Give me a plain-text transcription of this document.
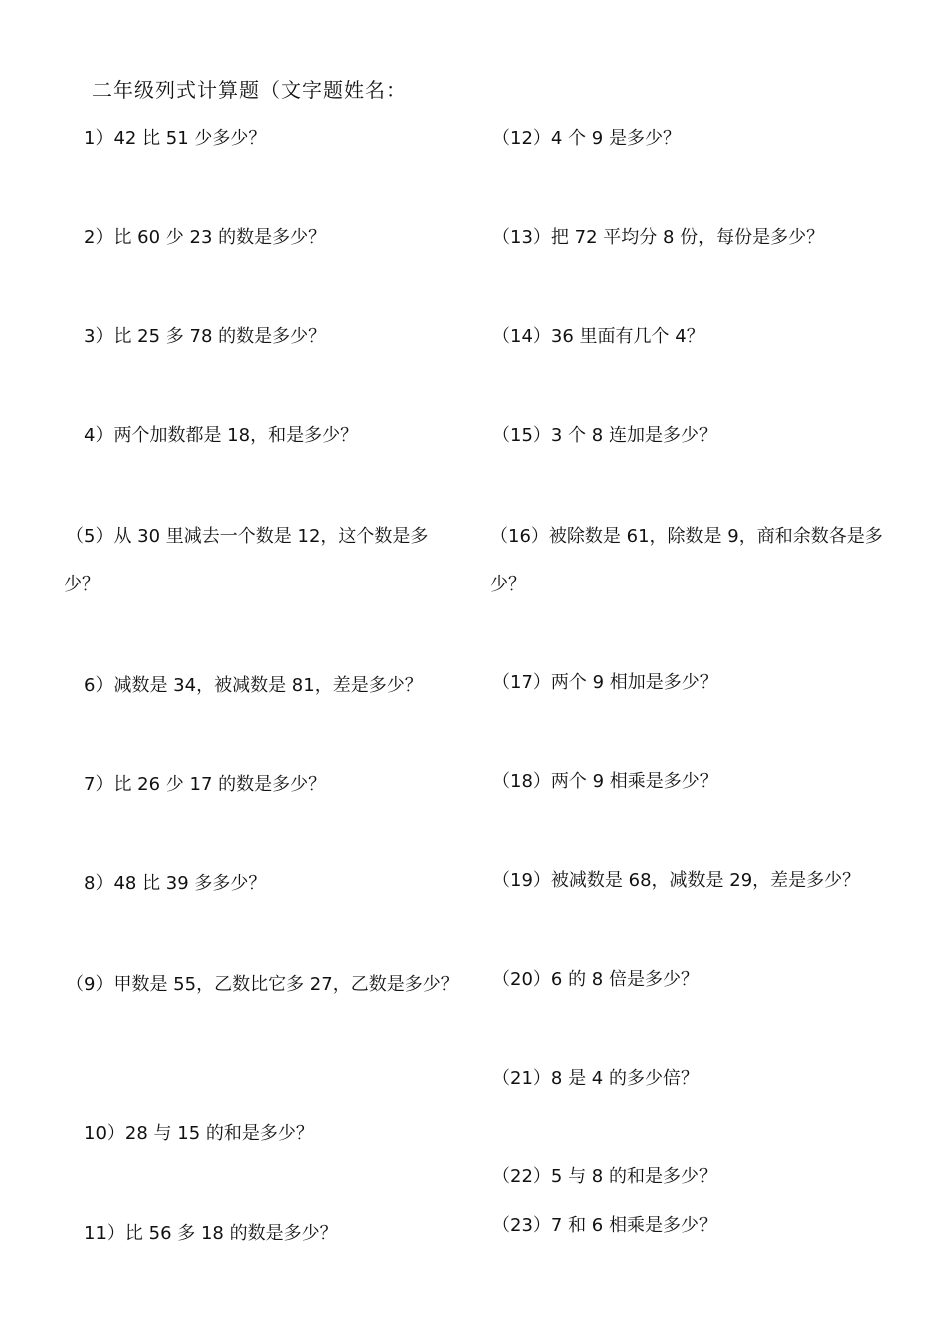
二年级列式计算题（文字题姓名：
1）42 比 51 少多少？
2）比 60 少 23 的数是多少？
3）比 25 多 78 的数是多少？
4）两个加数都是 18，和是多少？
（5）从 30 里减去一个数是 12，这个数是多少？
6）减数是 34，被减数是 81，差是多少？
7）比 26 少 17 的数是多少？
8）48 比 39 多多少？
（9）甲数是 55，乙数比它多 27，乙数是多少？
10）28 与 15 的和是多少？
11）比 56 多 18 的数是多少？
（12）4 个 9 是多少？
（13）把 72 平均分 8 份，每份是多少？
（14）36 里面有几个 4？
（15）3 个 8 连加是多少？
（16）被除数是 61，除数是 9，商和余数各是多少？
（17）两个 9 相加是多少？
（18）两个 9 相乘是多少？
（19）被减数是 68，减数是 29，差是多少？
（20）6 的 8 倍是多少？
（21）8 是 4 的多少倍？
（22）5 与 8 的和是多少？
（23）7 和 6 相乘是多少？
